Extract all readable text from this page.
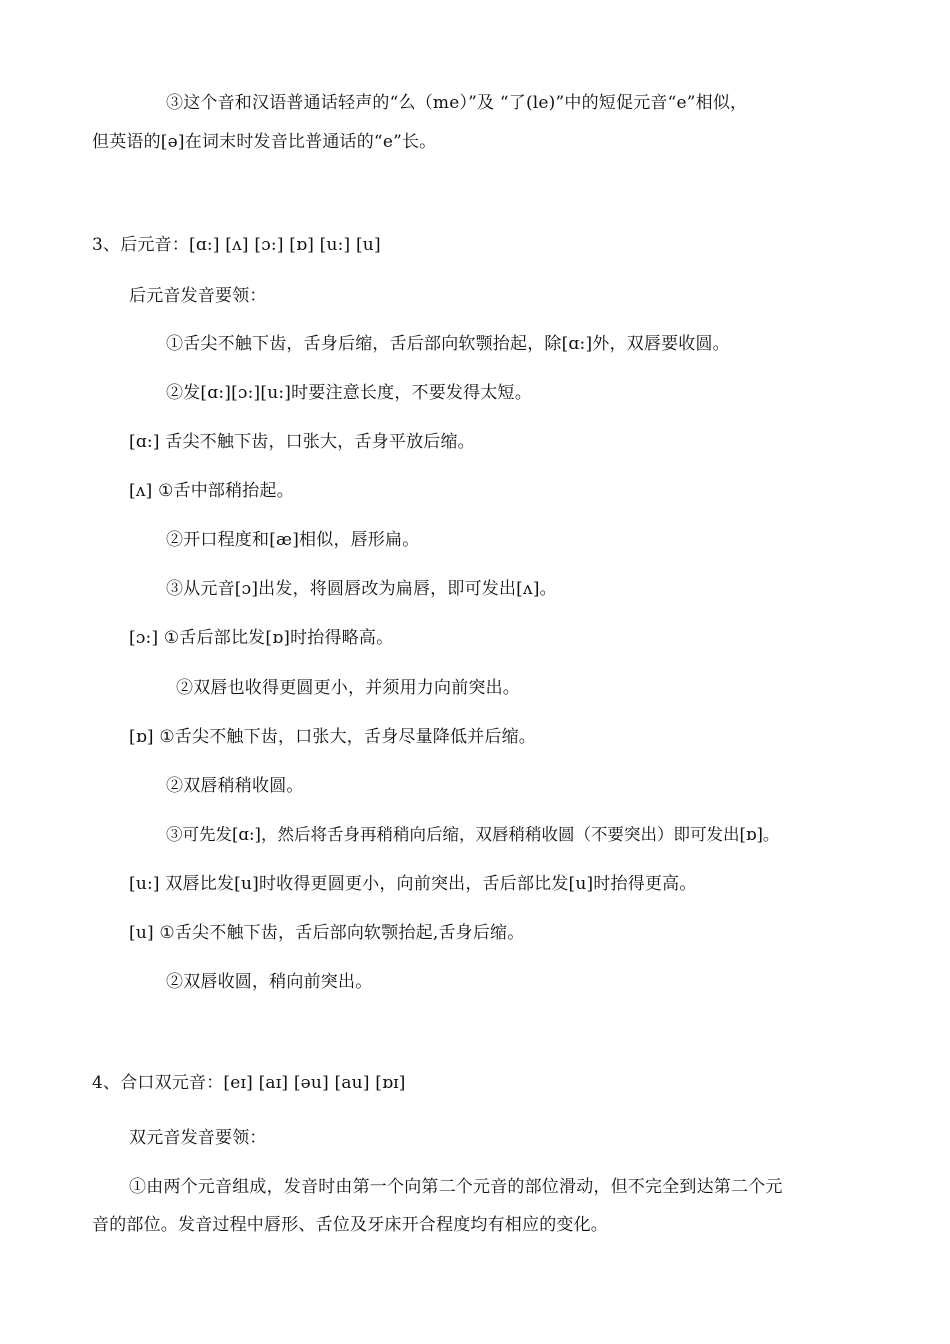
③这个音和汉语普通话轻声的“么（me）”及 “了(le)”中的短促元音“e”相似，
但英语的[ə]在词末时发音比普通话的“e”长。
3、后元音：[ɑ:] [ʌ] [ɔ:] [ɒ] [u:] [u]
后元音发音要领：
①舌尖不触下齿，舌身后缩，舌后部向软颚抬起，除[ɑ:]外，双唇要收圆。
②发[ɑ:][ɔ:][u:]时要注意长度，不要发得太短。
[ɑ:] 舌尖不触下齿，口张大，舌身平放后缩。
[ʌ] ①舌中部稍抬起。
②开口程度和[æ]相似，唇形扁。
③从元音[ɔ]出发，将圆唇改为扁唇，即可发出[ʌ]。
[ɔ:] ①舌后部比发[ɒ]时抬得略高。
②双唇也收得更圆更小，并须用力向前突出。
[ɒ] ①舌尖不触下齿，口张大，舌身尽量降低并后缩。
②双唇稍稍收圆。
③可先发[ɑ:]，然后将舌身再稍稍向后缩，双唇稍稍收圆（不要突出）即可发出[ɒ]。
[u:] 双唇比发[u]时收得更圆更小，向前突出，舌后部比发[u]时抬得更高。
[u] ①舌尖不触下齿，舌后部向软颚抬起,舌身后缩。
②双唇收圆，稍向前突出。
4、合口双元音：[eɪ] [aɪ] [əu] [au] [ɒɪ]
双元音发音要领：
①由两个元音组成，发音时由第一个向第二个元音的部位滑动，但不完全到达第二个元
音的部位。发音过程中唇形、舌位及牙床开合程度均有相应的变化。
